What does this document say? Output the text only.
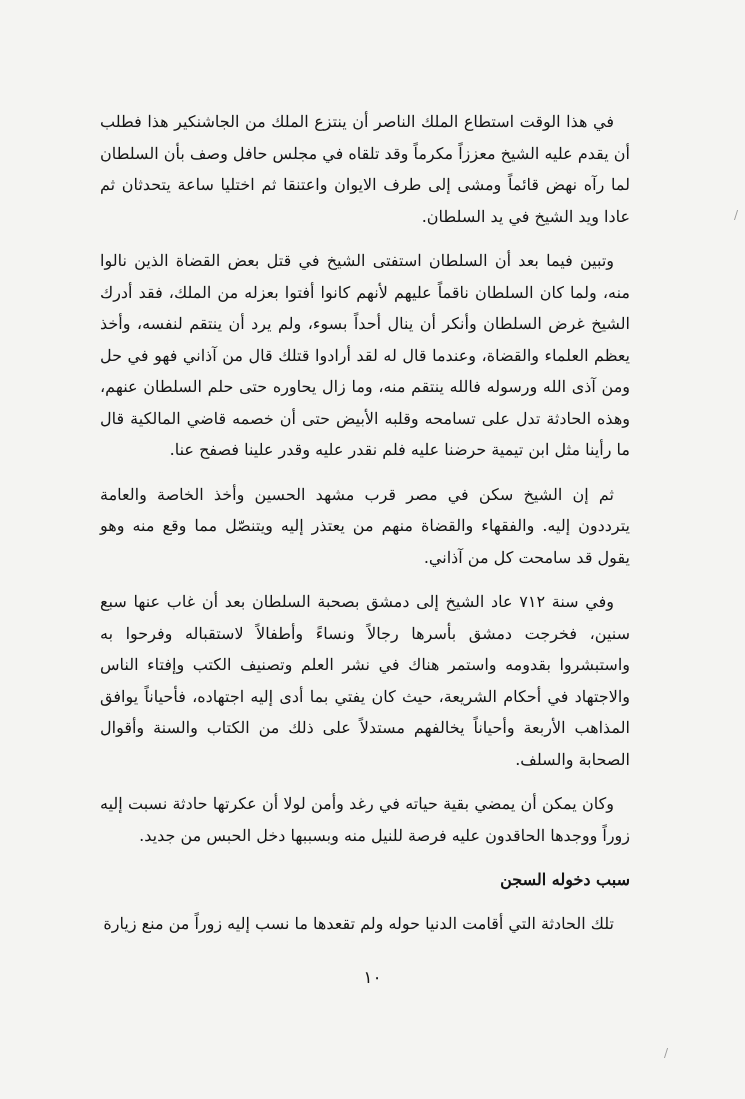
في هذا الوقت استطاع الملك الناصر أن ينتزع الملك من الجاشنكير هذا فطلب أن يقدم عليه الشيخ معززاً مكرماً وقد تلقاه في مجلس حافل وصف بأن السلطان لما رآه نهض قائماً ومشى إلى طرف الايوان واعتنقا ثم اختليا ساعة يتحدثان ثم عادا ويد الشيخ في يد السلطان.

وتبين فيما بعد أن السلطان استفتى الشيخ في قتل بعض القضاة الذين نالوا منه، ولما كان السلطان ناقماً عليهم لأنهم كانوا أفتوا بعزله من الملك، فقد أدرك الشيخ غرض السلطان وأنكر أن ينال أحداً بسوء، ولم يرد أن ينتقم لنفسه، وأخذ يعظم العلماء والقضاة، وعندما قال له لقد أرادوا قتلك قال من آذاني فهو في حل ومن آذى الله ورسوله فالله ينتقم منه، وما زال يحاوره حتى حلم السلطان عنهم، وهذه الحادثة تدل على تسامحه وقلبه الأبيض حتى أن خصمه قاضي المالكية قال ما رأينا مثل ابن تيمية حرضنا عليه فلم نقدر عليه وقدر علينا فصفح عنا.

ثم إن الشيخ سكن في مصر قرب مشهد الحسين وأخذ الخاصة والعامة يترددون إليه. والفقهاء والقضاة منهم من يعتذر إليه ويتنصّل مما وقع منه وهو يقول قد سامحت كل من آذاني.

وفي سنة ٧١٢ عاد الشيخ إلى دمشق بصحبة السلطان بعد أن غاب عنها سبع سنين، فخرجت دمشق بأسرها رجالاً ونساءً وأطفالاً لاستقباله وفرحوا به واستبشروا بقدومه واستمر هناك في نشر العلم وتصنيف الكتب وإفتاء الناس والاجتهاد في أحكام الشريعة، حيث كان يفتي بما أدى إليه اجتهاده، فأحياناً يوافق المذاهب الأربعة وأحياناً يخالفهم مستدلاً على ذلك من الكتاب والسنة وأقوال الصحابة والسلف.

وكان يمكن أن يمضي بقية حياته في رغد وأمن لولا أن عكرتها حادثة نسبت إليه زوراً ووجدها الحاقدون عليه فرصة للنيل منه وبسببها دخل الحبس من جديد.

سبب دخوله السجن

تلك الحادثة التي أقامت الدنيا حوله ولم تقعدها ما نسب إليه زوراً من منع زيارة

١٠
/
/
